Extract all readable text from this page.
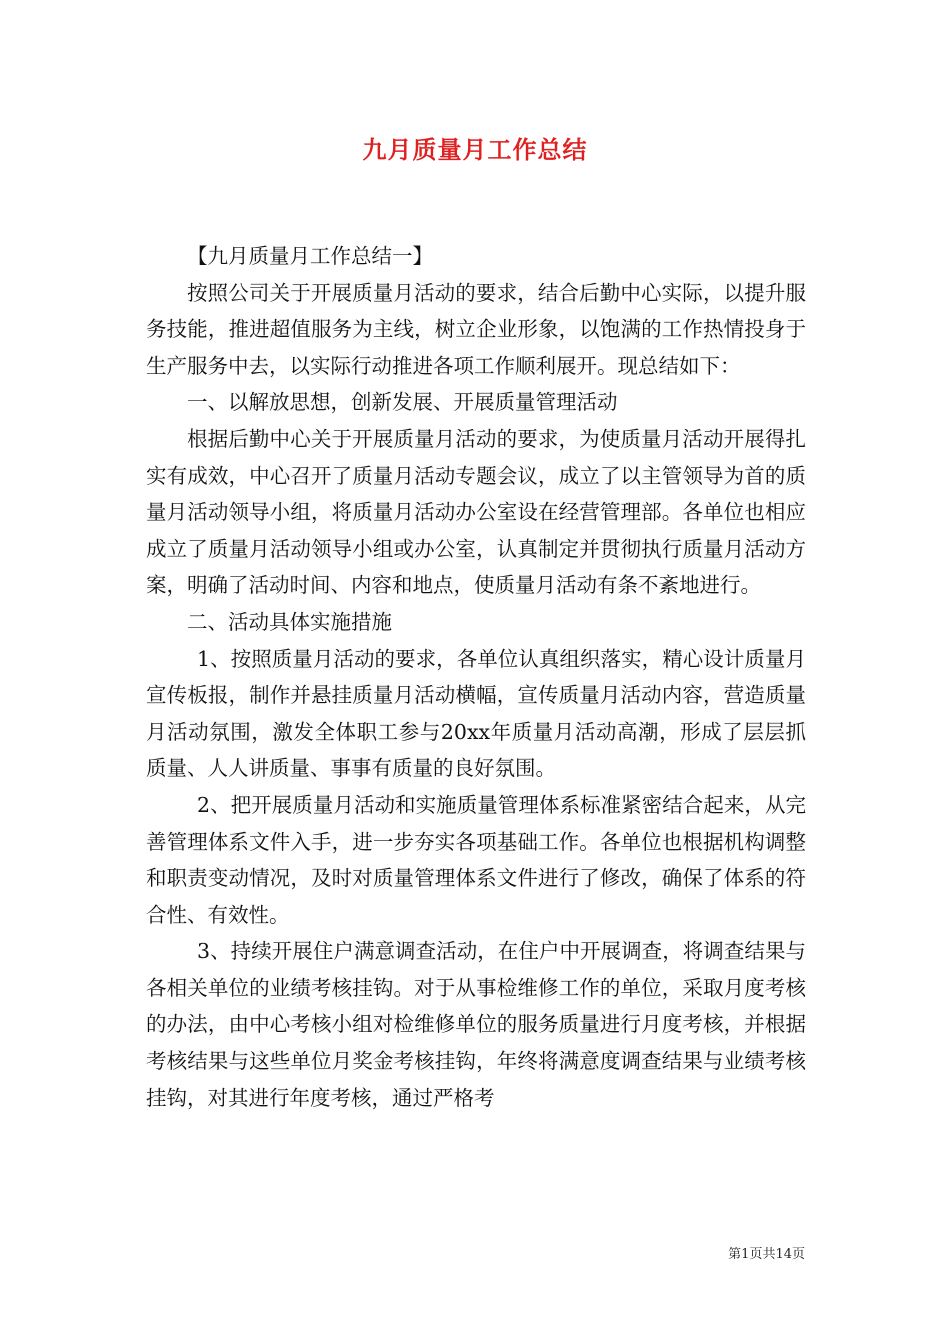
九月质量月工作总结

【九月质量月工作总结一】

按照公司关于开展质量月活动的要求，结合后勤中心实际，以提升服务技能，推进超值服务为主线，树立企业形象，以饱满的工作热情投身于生产服务中去，以实际行动推进各项工作顺利展开。现总结如下：

一、以解放思想，创新发展、开展质量管理活动

根据后勤中心关于开展质量月活动的要求，为使质量月活动开展得扎实有成效，中心召开了质量月活动专题会议，成立了以主管领导为首的质量月活动领导小组，将质量月活动办公室设在经营管理部。各单位也相应成立了质量月活动领导小组或办公室，认真制定并贯彻执行质量月活动方案，明确了活动时间、内容和地点，使质量月活动有条不紊地进行。

二、活动具体实施措施

1、按照质量月活动的要求，各单位认真组织落实，精心设计质量月宣传板报，制作并悬挂质量月活动横幅，宣传质量月活动内容，营造质量月活动氛围，激发全体职工参与20xx年质量月活动高潮，形成了层层抓质量、人人讲质量、事事有质量的良好氛围。

2、把开展质量月活动和实施质量管理体系标准紧密结合起来，从完善管理体系文件入手，进一步夯实各项基础工作。各单位也根据机构调整和职责变动情况，及时对质量管理体系文件进行了修改，确保了体系的符合性、有效性。

3、持续开展住户满意调查活动，在住户中开展调查，将调查结果与各相关单位的业绩考核挂钩。对于从事检维修工作的单位，采取月度考核的办法，由中心考核小组对检维修单位的服务质量进行月度考核，并根据考核结果与这些单位月奖金考核挂钩，年终将满意度调查结果与业绩考核挂钩，对其进行年度考核，通过严格考

第1页共14页
